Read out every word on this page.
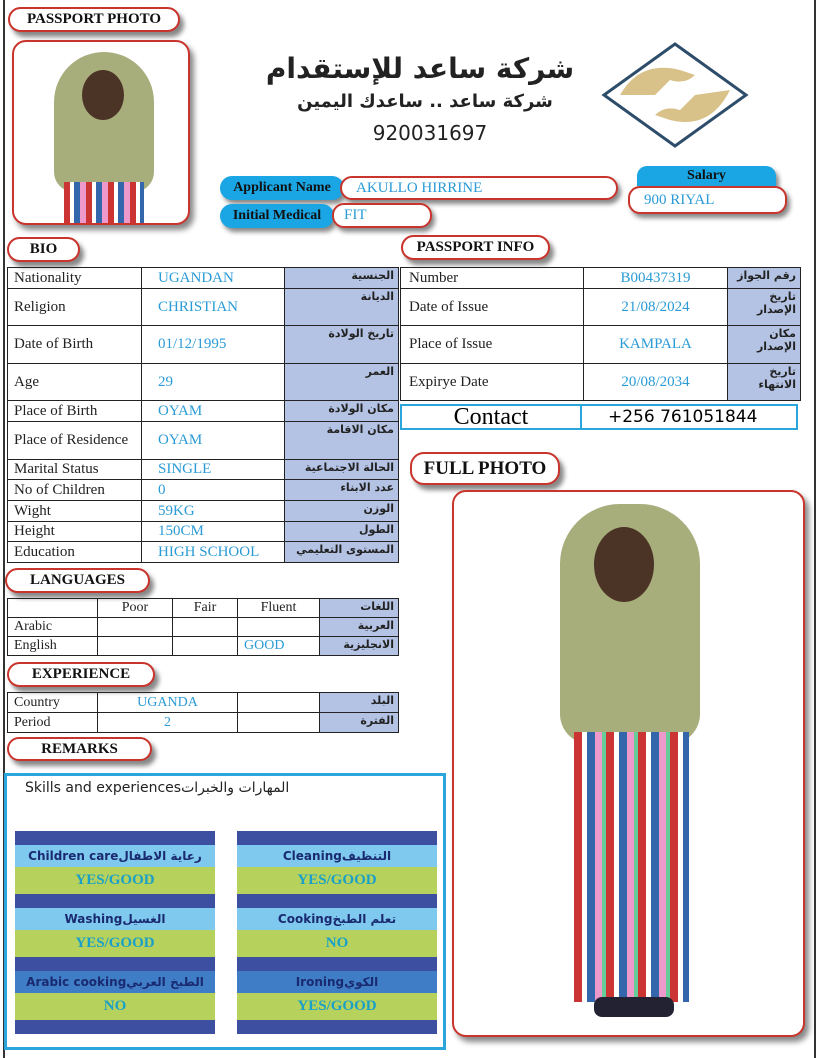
PASSPORT PHOTO
شركة ساعد للإستقدام
شركة ساعد .. ساعدك اليمين
920031697
Applicant Name	AKULLO HIRRINE
Initial Medical	FIT
Salary
900 RIYAL
BIO
Nationality	UGANDAN	الجنسية
Religion	CHRISTIAN	الديانة
Date of Birth	01/12/1995	تاريخ الولادة
Age	29	العمر
Place of Birth	OYAM	مكان الولادة
Place of Residence	OYAM	مكان الاقامة
Marital Status	SINGLE	الحالة الاجتماعية
No of Children	0	عدد الابناء
Wight	59KG	الوزن
Height	150CM	الطول
Education	HIGH SCHOOL	المستوى التعليمي
PASSPORT INFO
Number	B00437319	رقم الجواز
Date of Issue	21/08/2024	تاريخ الإصدار
Place of Issue	KAMPALA	مكان الإصدار
Expirye Date	20/08/2034	تاريخ الانتهاء
Contact	+256 761051844
FULL PHOTO
LANGUAGES
	Poor	Fair	Fluent	اللغات
Arabic				العربية
English			GOOD	الانجليزية
EXPERIENCE
Country	UGANDA		البلد
Period	2		الفترة
REMARKS
Skills and experiencesالمهارات والخبرات
Children care رعاية الاطفال
YES/GOOD
Washing الغسيل
YES/GOOD
Arabic cooking الطبخ العربي
NO
Cleaning التنظيف
YES/GOOD
Cooking تعلم الطبخ
NO
Ironing الكوي
YES/GOOD
